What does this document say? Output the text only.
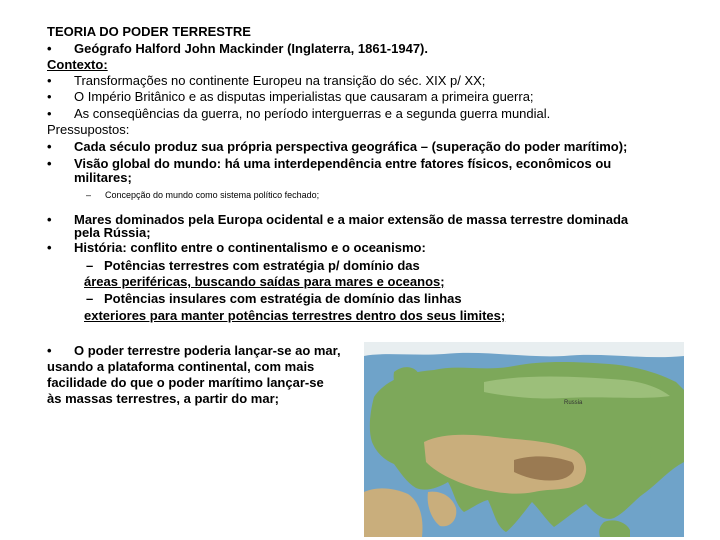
TEORIA DO PODER TERRESTRE
• Geógrafo Halford John Mackinder (Inglaterra, 1861-1947).
Contexto:
• Transformações no continente Europeu na transição do séc. XIX p/ XX;
• O Império Britânico e as disputas imperialistas que causaram a primeira guerra;
• As conseqüências da guerra, no período interguerras e a segunda guerra mundial.
Pressupostos:
• Cada século produz sua própria perspectiva geográfica – (superação do poder marítimo);
• Visão global do mundo: há uma interdependência entre fatores físicos, econômicos ou
militares;
– Concepção do mundo como sistema político fechado;
• Mares dominados pela Europa ocidental e a maior extensão de massa terrestre dominada
pela Rússia;
• História: conflito entre o continentalismo e o oceanismo:
– Potências terrestres com estratégia p/ domínio das
áreas periféricas, buscando saídas para mares e oceanos;
– Potências insulares com estratégia de domínio das linhas
exteriores para manter potências terrestres dentro dos seus limites;
• O poder terrestre poderia lançar-se ao mar,
usando a plataforma continental, com mais
facilidade do que o poder marítimo lançar-se
às massas terrestres, a partir do mar;	Russia
